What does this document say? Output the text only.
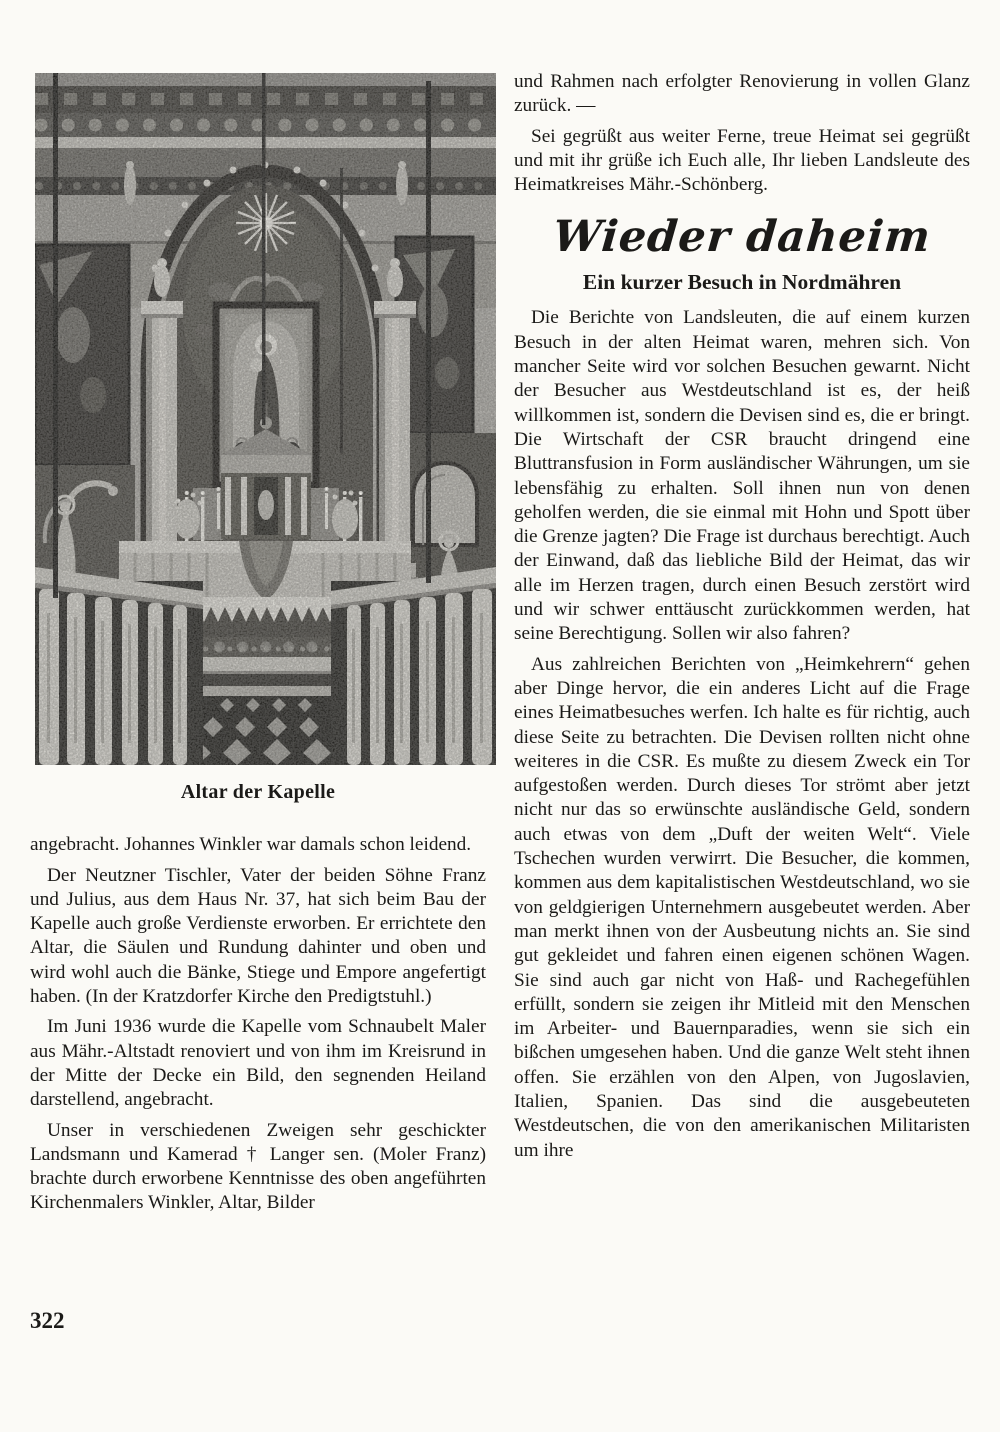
Altar der Kapelle

angebracht. Johannes Winkler war damals schon leidend.

Der Neutzner Tischler, Vater der beiden Söhne Franz und Julius, aus dem Haus Nr. 37, hat sich beim Bau der Kapelle auch große Verdienste erworben. Er errichtete den Altar, die Säulen und Rundung dahinter und oben und wird wohl auch die Bänke, Stiege und Empore angefertigt haben. (In der Kratzdorfer Kirche den Predigtstuhl.)

Im Juni 1936 wurde die Kapelle vom Schnaubelt Maler aus Mähr.-Altstadt renoviert und von ihm im Kreisrund in der Mitte der Decke ein Bild, den segnenden Heiland darstellend, angebracht.

Unser in verschiedenen Zweigen sehr geschickter Landsmann und Kamerad † Langer sen. (Moler Franz) brachte durch erworbene Kenntnisse des oben angeführten Kirchenmalers Winkler, Altar, Bilder

und Rahmen nach erfolgter Renovierung in vollen Glanz zurück. —

Sei gegrüßt aus weiter Ferne, treue Heimat sei gegrüßt und mit ihr grüße ich Euch alle, Ihr lieben Landsleute des Heimatkreises Mähr.-Schönberg.

Wieder daheim
Ein kurzer Besuch in Nordmähren

Die Berichte von Landsleuten, die auf einem kurzen Besuch in der alten Heimat waren, mehren sich. Von mancher Seite wird vor solchen Besuchen gewarnt. Nicht der Besucher aus Westdeutschland ist es, der heiß willkommen ist, sondern die Devisen sind es, die er bringt. Die Wirtschaft der CSR braucht dringend eine Bluttransfusion in Form ausländischer Währungen, um sie lebensfähig zu erhalten. Soll ihnen nun von denen geholfen werden, die sie einmal mit Hohn und Spott über die Grenze jagten? Die Frage ist durchaus berechtigt. Auch der Einwand, daß das liebliche Bild der Heimat, das wir alle im Herzen tragen, durch einen Besuch zerstört wird und wir schwer enttäuscht zurückkommen werden, hat seine Berechtigung. Sollen wir also fahren?

Aus zahlreichen Berichten von „Heimkehrern“ gehen aber Dinge hervor, die ein anderes Licht auf die Frage eines Heimatbesuches werfen. Ich halte es für richtig, auch diese Seite zu betrachten. Die Devisen rollten nicht ohne weiteres in die CSR. Es mußte zu diesem Zweck ein Tor aufgestoßen werden. Durch dieses Tor strömt aber jetzt nicht nur das so erwünschte ausländische Geld, sondern auch etwas von dem „Duft der weiten Welt“. Viele Tschechen wurden verwirrt. Die Besucher, die kommen, kommen aus dem kapitalistischen Westdeutschland, wo sie von geldgierigen Unternehmern ausgebeutet werden. Aber man merkt ihnen von der Ausbeutung nichts an. Sie sind gut gekleidet und fahren einen eigenen schönen Wagen. Sie sind auch gar nicht von Haß- und Rachegefühlen erfüllt, sondern sie zeigen ihr Mitleid mit den Menschen im Arbeiter- und Bauernparadies, wenn sie sich ein bißchen umgesehen haben. Und die ganze Welt steht ihnen offen. Sie erzählen von den Alpen, von Jugoslavien, Italien, Spanien. Das sind die ausgebeuteten Westdeutschen, die von den amerikanischen Militaristen um ihre

322
